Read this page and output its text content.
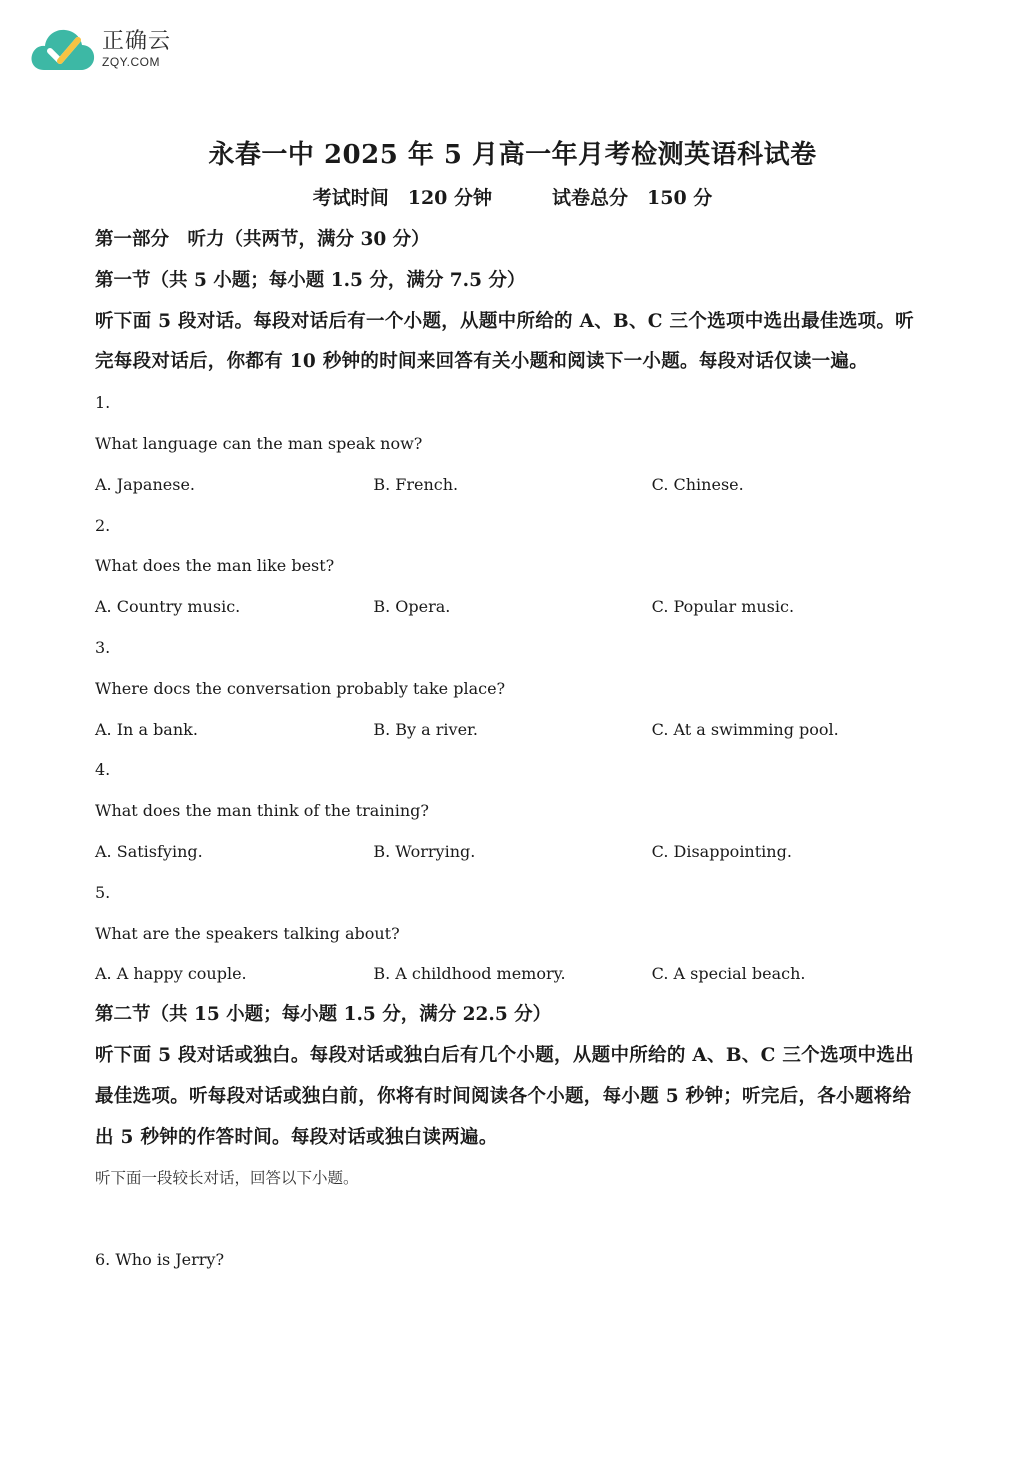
正确云
ZQY.COM
永春一中 2025 年 5 月高一年月考检测英语科试卷
考试时间　120 分钟	试卷总分　150 分
第一部分　听力（共两节，满分 30 分）
第一节（共 5 小题；每小题 1.5 分，满分 7.5 分）

听下面 5 段对话。每段对话后有一个小题，从题中所给的 A、B、C 三个选项中选出最佳选项。听完每段对话后，你都有 10 秒钟的时间来回答有关小题和阅读下一小题。每段对话仅读一遍。

1.
What language can the man speak now?
A. Japanese.	B. French.	C. Chinese.
2.
What does the man like best?
A. Country music.	B. Opera.	C. Popular music.
3.
Where docs the conversation probably take place?
A. In a bank.	B. By a river.	C. At a swimming pool.
4.
What does the man think of the training?
A. Satisfying.	B. Worrying.	C. Disappointing.
5.
What are the speakers talking about?
A. A happy couple.	B. A childhood memory.	C. A special beach.
第二节（共 15 小题；每小题 1.5 分，满分 22.5 分）

听下面 5 段对话或独白。每段对话或独白后有几个小题，从题中所给的 A、B、C 三个选项中选出最佳选项。听每段对话或独白前，你将有时间阅读各个小题，每小题 5 秒钟；听完后，各小题将给出 5 秒钟的作答时间。每段对话或独白读两遍。

听下面一段较长对话，回答以下小题。
6. Who is Jerry?
